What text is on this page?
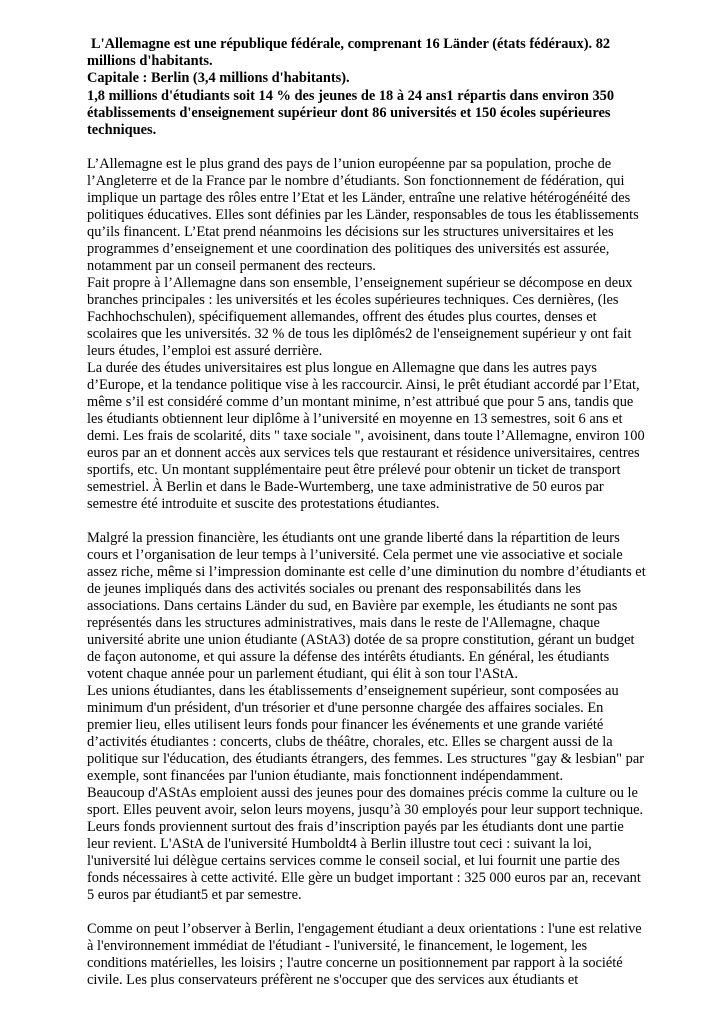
L'Allemagne est une république fédérale, comprenant 16 Länder (états fédéraux). 82 millions d'habitants.

Capitale : Berlin (3,4 millions d'habitants).

1,8 millions d'étudiants soit 14 % des jeunes de 18 à 24 ans1 répartis dans environ 350 établissements d'enseignement supérieur dont 86 universités et 150 écoles supérieures techniques.

L’Allemagne est le plus grand des pays de l’union européenne par sa population, proche de l’Angleterre et de la France par le nombre d’étudiants. Son fonctionnement de fédération, qui implique un partage des rôles entre l’Etat et les Länder, entraîne une relative hétérogénéité des politiques éducatives. Elles sont définies par les Länder, responsables de tous les établissements qu’ils financent. L’Etat prend néanmoins les décisions sur les structures universitaires et les programmes d’enseignement et une coordination des politiques des universités est assurée, notamment par un conseil permanent des recteurs.

Fait propre à l’Allemagne dans son ensemble, l’enseignement supérieur se décompose en deux branches principales : les universités et les écoles supérieures techniques. Ces dernières, (les Fachhochschulen), spécifiquement allemandes, offrent des études plus courtes, denses et scolaires que les universités. 32 % de tous les diplômés2 de l'enseignement supérieur y ont fait leurs études, l’emploi est assuré derrière.

La durée des études universitaires est plus longue en Allemagne que dans les autres pays d’Europe, et la tendance politique vise à les raccourcir. Ainsi, le prêt étudiant accordé par l’Etat, même s’il est considéré comme d’un montant minime, n’est attribué que pour 5 ans, tandis que les étudiants obtiennent leur diplôme à l’université en moyenne en 13 semestres, soit 6 ans et demi. Les frais de scolarité, dits " taxe sociale ", avoisinent, dans toute l’Allemagne, environ 100 euros par an et donnent accès aux services tels que restaurant et résidence universitaires, centres sportifs, etc. Un montant supplémentaire peut être prélevé pour obtenir un ticket de transport semestriel. À Berlin et dans le Bade-Wurtemberg, une taxe administrative de 50 euros par semestre été introduite et suscite des protestations étudiantes.

Malgré la pression financière, les étudiants ont une grande liberté dans la répartition de leurs cours et l’organisation de leur temps à l’université. Cela permet une vie associative et sociale assez riche, même si l’impression dominante est celle d’une diminution du nombre d’étudiants et de jeunes impliqués dans des activités sociales ou prenant des responsabilités dans les associations. Dans certains Länder du sud, en Bavière par exemple, les étudiants ne sont pas représentés dans les structures administratives, mais dans le reste de l'Allemagne, chaque université abrite une union étudiante (AStA3) dotée de sa propre constitution, gérant un budget de façon autonome, et qui assure la défense des intérêts étudiants. En général, les étudiants votent chaque année pour un parlement étudiant, qui élit à son tour l'AStA.

Les unions étudiantes, dans les établissements d’enseignement supérieur, sont composées au minimum d'un président, d'un trésorier et d'une personne chargée des affaires sociales. En premier lieu, elles utilisent leurs fonds pour financer les événements et une grande variété d’activités étudiantes : concerts, clubs de théâtre, chorales, etc. Elles se chargent aussi de la politique sur l'éducation, des étudiants étrangers, des femmes. Les structures "gay & lesbian" par exemple, sont financées par l'union étudiante, mais fonctionnent indépendamment.

Beaucoup d'AStAs emploient aussi des jeunes pour des domaines précis comme la culture ou le sport. Elles peuvent avoir, selon leurs moyens, jusqu’à 30 employés pour leur support technique. Leurs fonds proviennent surtout des frais d’inscription payés par les étudiants dont une partie leur revient. L'AStA de l'université Humboldt4 à Berlin illustre tout ceci : suivant la loi, l'université lui délègue certains services comme le conseil social, et lui fournit une partie des fonds nécessaires à cette activité. Elle gère un budget important : 325 000 euros par an, recevant 5 euros par étudiant5 et par semestre.

Comme on peut l’observer à Berlin, l'engagement étudiant a deux orientations : l'une est relative à l'environnement immédiat de l'étudiant - l'université, le financement, le logement, les conditions matérielles, les loisirs ; l'autre concerne un positionnement par rapport à la société civile. Les plus conservateurs préfèrent ne s'occuper que des services aux étudiants et
